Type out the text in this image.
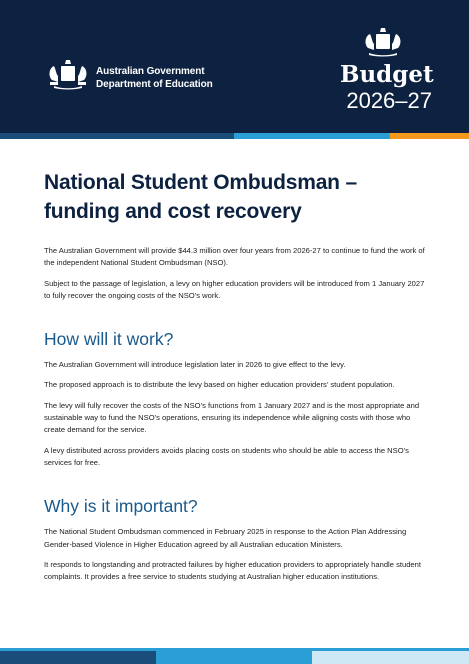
Australian Government
Department of Education	Budget
2026–27
National Student Ombudsman –
funding and cost recovery

The Australian Government will provide $44.3 million over four years from 2026-27 to continue to fund the work of the independent National Student Ombudsman (NSO).

Subject to the passage of legislation, a levy on higher education providers will be introduced from 1 January 2027 to fully recover the ongoing costs of the NSO’s work.

How will it work?

The Australian Government will introduce legislation later in 2026 to give effect to the levy.

The proposed approach is to distribute the levy based on higher education providers’ student population.

The levy will fully recover the costs of the NSO’s functions from 1 January 2027 and is the most appropriate and sustainable way to fund the NSO’s operations, ensuring its independence while aligning costs with those who create demand for the service.

A levy distributed across providers avoids placing costs on students who should be able to access the NSO’s services for free.

Why is it important?

The National Student Ombudsman commenced in February 2025 in response to the Action Plan Addressing Gender-based Violence in Higher Education agreed by all Australian education Ministers.

It responds to longstanding and protracted failures by higher education providers to appropriately handle student complaints. It provides a free service to students studying at Australian higher education institutions.
